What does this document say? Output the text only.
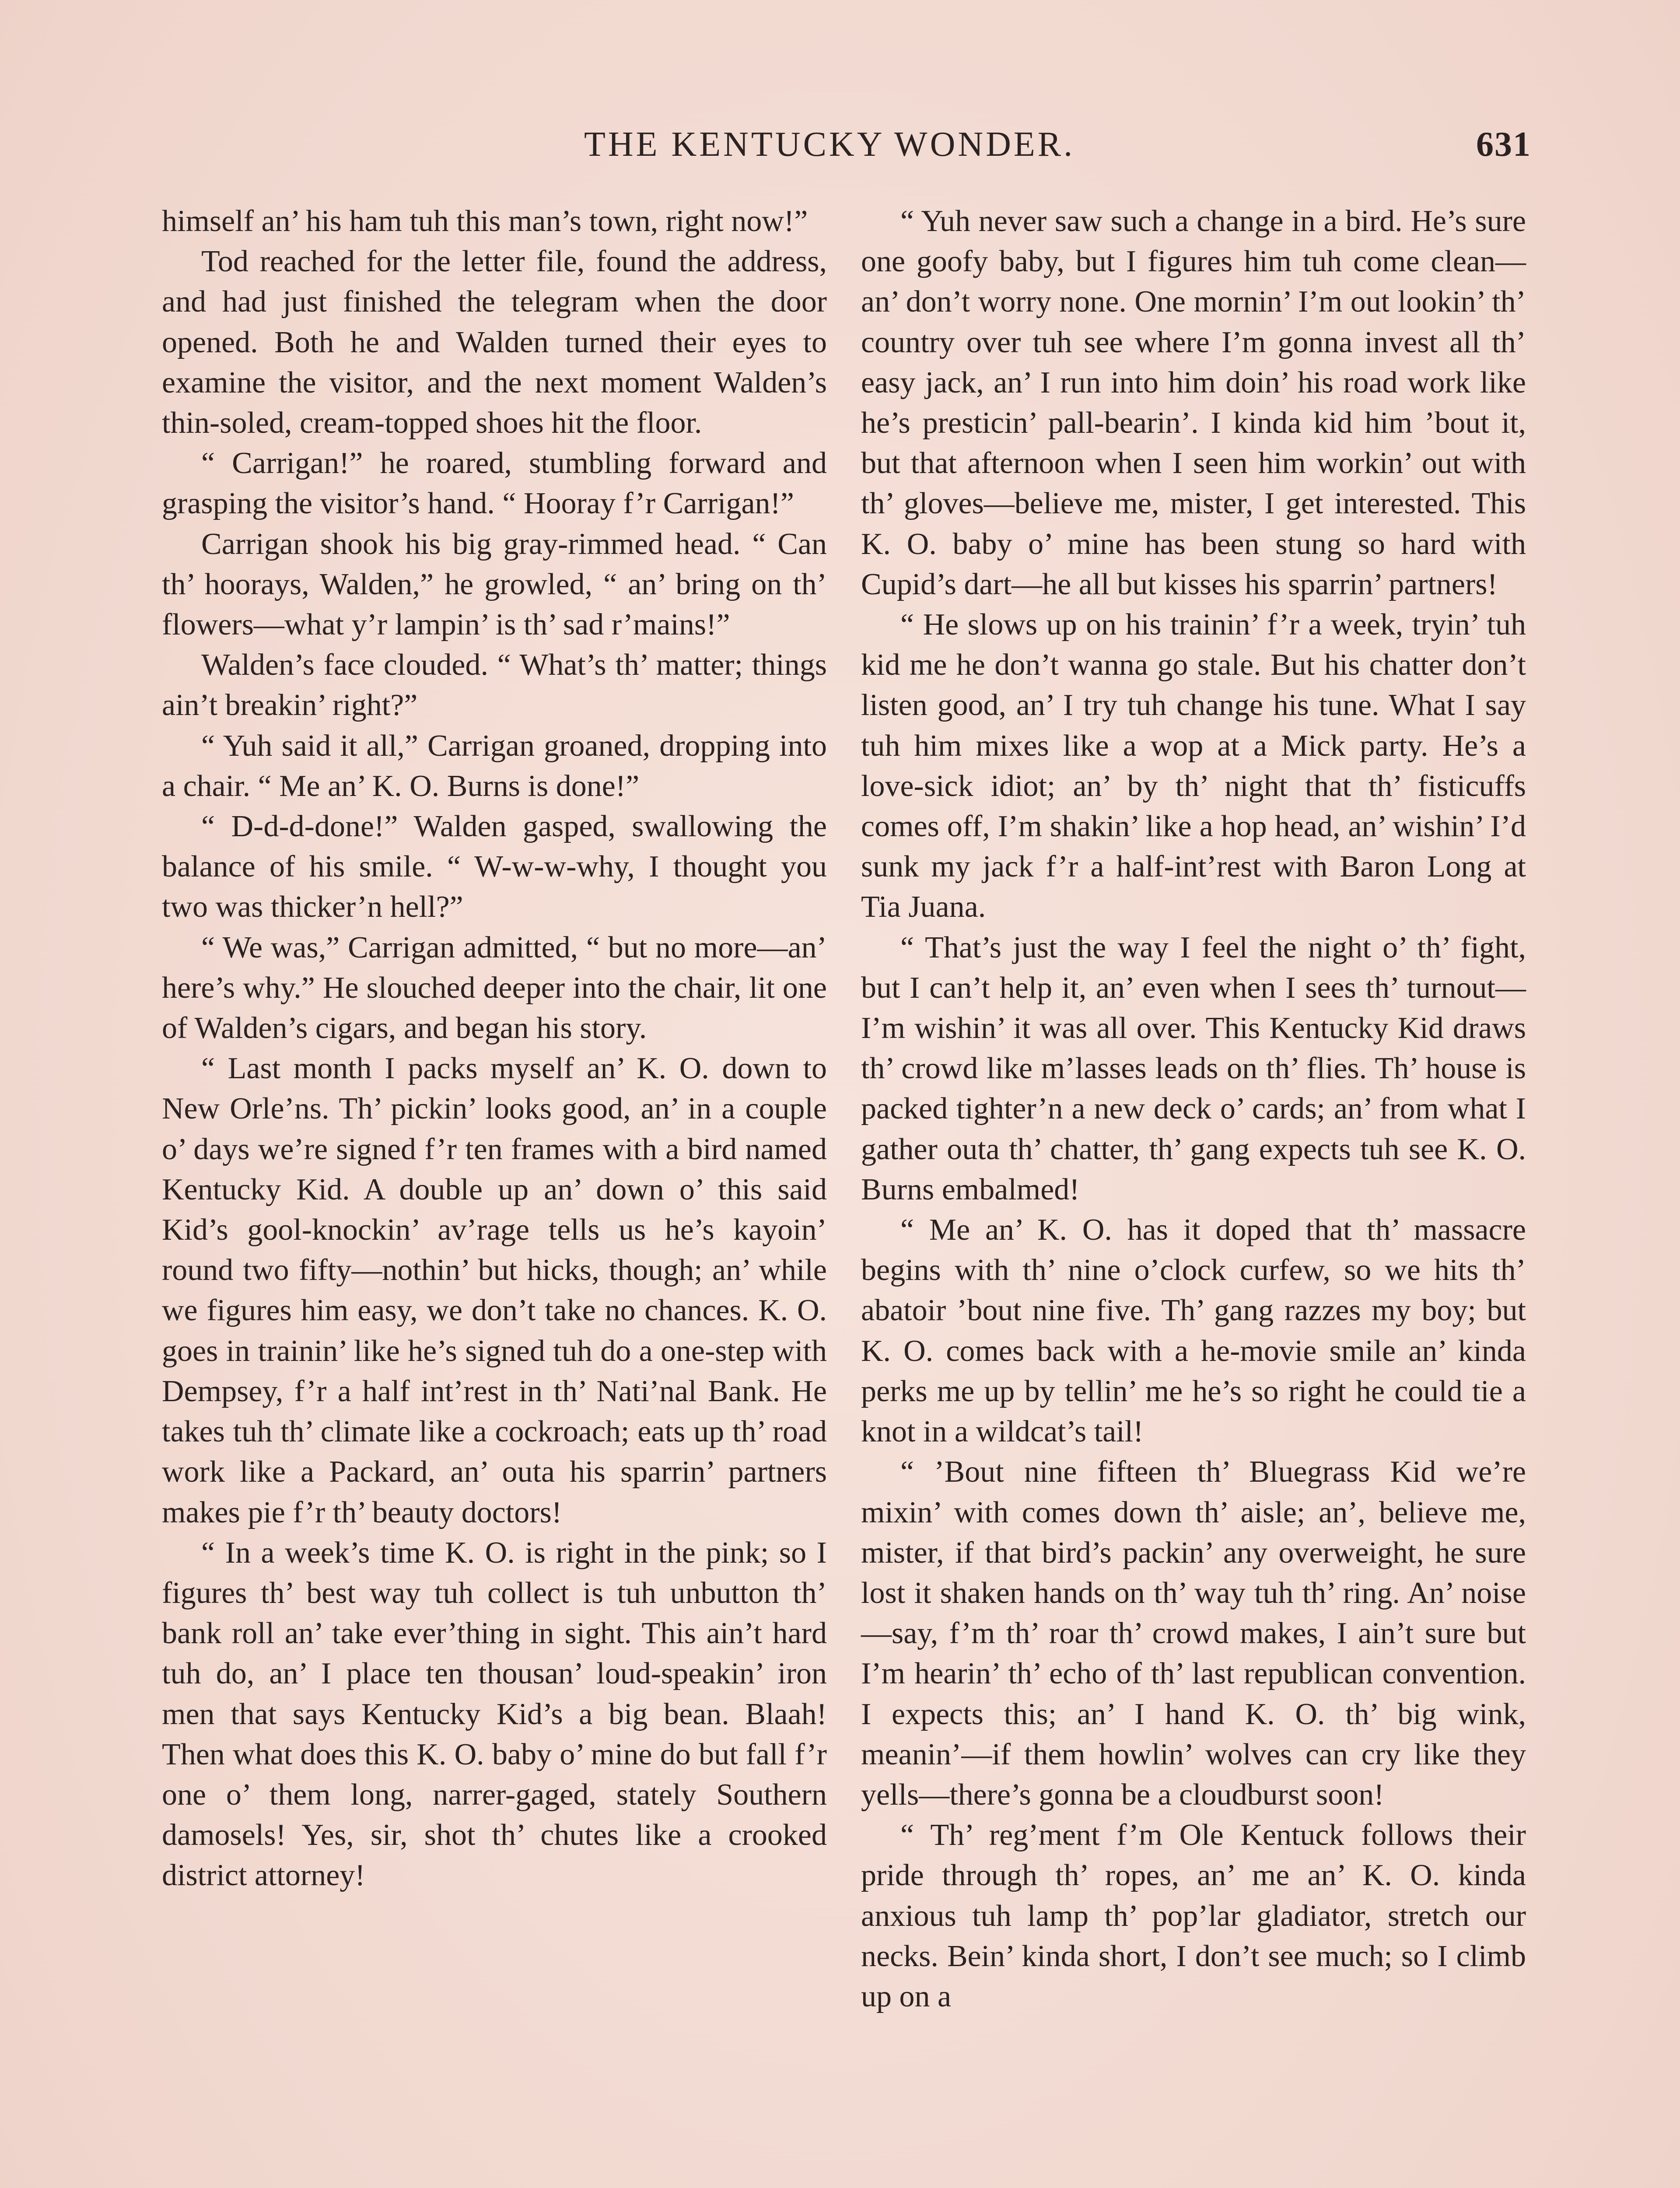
THE KENTUCKY WONDER.	631

himself an’ his ham tuh this man’s town, right now!”

Tod reached for the letter file, found the address, and had just finished the telegram when the door opened. Both he and Walden turned their eyes to examine the visitor, and the next moment Walden’s thin-soled, cream-topped shoes hit the floor.

“ Carrigan!” he roared, stumbling forward and grasping the visitor’s hand. “ Hooray f’r Carrigan!”

Carrigan shook his big gray-rimmed head. “ Can th’ hoorays, Walden,” he growled, “ an’ bring on th’ flowers—what y’r lampin’ is th’ sad r’mains!”

Walden’s face clouded. “ What’s th’ matter; things ain’t breakin’ right?”

“ Yuh said it all,” Carrigan groaned, dropping into a chair. “ Me an’ K. O. Burns is done!”

“ D-d-d-done!” Walden gasped, swallowing the balance of his smile. “ W-w-w-why, I thought you two was thicker’n hell?”

“ We was,” Carrigan admitted, “ but no more—an’ here’s why.” He slouched deeper into the chair, lit one of Walden’s cigars, and began his story.

“ Last month I packs myself an’ K. O. down to New Orle’ns. Th’ pickin’ looks good, an’ in a couple o’ days we’re signed f’r ten frames with a bird named Kentucky Kid. A double up an’ down o’ this said Kid’s gool-knockin’ av’rage tells us he’s kayoin’ round two fifty—nothin’ but hicks, though; an’ while we figures him easy, we don’t take no chances. K. O. goes in trainin’ like he’s signed tuh do a one-step with Dempsey, f’r a half int’rest in th’ Nati’nal Bank. He takes tuh th’ climate like a cockroach; eats up th’ road work like a Packard, an’ outa his sparrin’ partners makes pie f’r th’ beauty doctors!

“ In a week’s time K. O. is right in the pink; so I figures th’ best way tuh collect is tuh unbutton th’ bank roll an’ take ever’thing in sight. This ain’t hard tuh do, an’ I place ten thousan’ loud-speakin’ iron men that says Kentucky Kid’s a big bean. Blaah! Then what does this K. O. baby o’ mine do but fall f’r one o’ them long, narrer-gaged, stately Southern damosels! Yes, sir, shot th’ chutes like a crooked district attorney!

“ Yuh never saw such a change in a bird. He’s sure one goofy baby, but I figures him tuh come clean—an’ don’t worry none. One mornin’ I’m out lookin’ th’ country over tuh see where I’m gonna invest all th’ easy jack, an’ I run into him doin’ his road work like he’s presticin’ pall-bearin’. I kinda kid him ’bout it, but that afternoon when I seen him workin’ out with th’ gloves—believe me, mister, I get interested. This K. O. baby o’ mine has been stung so hard with Cupid’s dart—he all but kisses his sparrin’ partners!

“ He slows up on his trainin’ f’r a week, tryin’ tuh kid me he don’t wanna go stale. But his chatter don’t listen good, an’ I try tuh change his tune. What I say tuh him mixes like a wop at a Mick party. He’s a love-sick idiot; an’ by th’ night that th’ fisticuffs comes off, I’m shakin’ like a hop head, an’ wishin’ I’d sunk my jack f’r a half-int’rest with Baron Long at Tia Juana.

“ That’s just the way I feel the night o’ th’ fight, but I can’t help it, an’ even when I sees th’ turnout—I’m wishin’ it was all over. This Kentucky Kid draws th’ crowd like m’lasses leads on th’ flies. Th’ house is packed tighter’n a new deck o’ cards; an’ from what I gather outa th’ chatter, th’ gang expects tuh see K. O. Burns embalmed!

“ Me an’ K. O. has it doped that th’ massacre begins with th’ nine o’clock curfew, so we hits th’ abatoir ’bout nine five. Th’ gang razzes my boy; but K. O. comes back with a he-movie smile an’ kinda perks me up by tellin’ me he’s so right he could tie a knot in a wildcat’s tail!

“ ’Bout nine fifteen th’ Bluegrass Kid we’re mixin’ with comes down th’ aisle; an’, believe me, mister, if that bird’s packin’ any overweight, he sure lost it shaken hands on th’ way tuh th’ ring. An’ noise—say, f’m th’ roar th’ crowd makes, I ain’t sure but I’m hearin’ th’ echo of th’ last republican convention. I expects this; an’ I hand K. O. th’ big wink, meanin’—if them howlin’ wolves can cry like they yells—there’s gonna be a cloudburst soon!

“ Th’ reg’ment f’m Ole Kentuck follows their pride through th’ ropes, an’ me an’ K. O. kinda anxious tuh lamp th’ pop’lar gladiator, stretch our necks. Bein’ kinda short, I don’t see much; so I climb up on a
